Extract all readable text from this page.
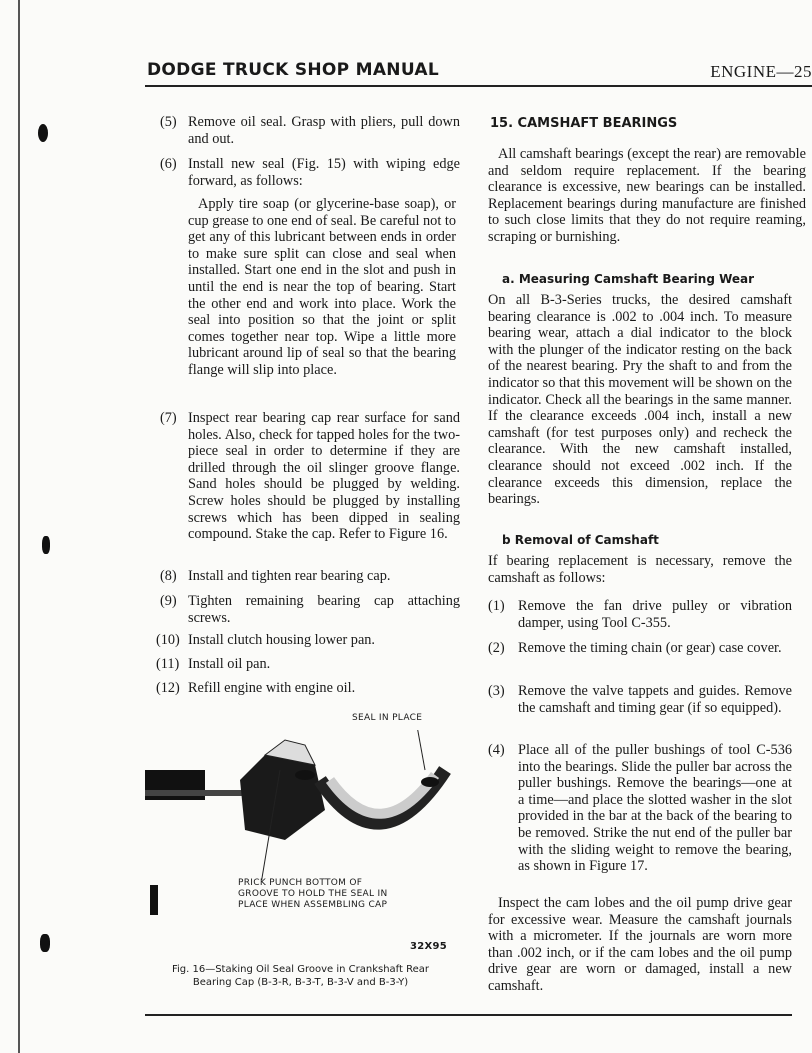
DODGE TRUCK SHOP MANUAL	ENGINE—25
(5) Remove oil seal. Grasp with pliers, pull down and out.
(6) Install new seal (Fig. 15) with wiping edge forward, as follows:
Apply tire soap (or glycerine-base soap), or cup grease to one end of seal. Be careful not to get any of this lubricant between ends in order to make sure split can close and seal when installed. Start one end in the slot and push in until the end is near the top of bearing. Start the other end and work into place. Work the seal into position so that the joint or split comes together near top. Wipe a little more lubricant around lip of seal so that the bearing flange will slip into place.
(7) Inspect rear bearing cap rear surface for sand holes. Also, check for tapped holes for the two-piece seal in order to determine if they are drilled through the oil slinger groove flange. Sand holes should be plugged by welding. Screw holes should be plugged by installing screws which has been dipped in sealing compound. Stake the cap. Refer to Figure 16.
(8) Install and tighten rear bearing cap.
(9) Tighten remaining bearing cap attaching screws.
(10) Install clutch housing lower pan.
(11) Install oil pan.
(12) Refill engine with engine oil.
SEAL IN PLACE
PRICK PUNCH BOTTOM OF GROOVE TO HOLD THE SEAL IN PLACE WHEN ASSEMBLING CAP
32X95
Fig. 16—Staking Oil Seal Groove in Crankshaft Rear
Bearing Cap (B-3-R, B-3-T, B-3-V and B-3-Y)
15. CAMSHAFT BEARINGS
All camshaft bearings (except the rear) are removable and seldom require replacement. If the bearing clearance is excessive, new bearings can be installed. Replacement bearings during manufacture are finished to such close limits that they do not require reaming, scraping or burnishing.
a. Measuring Camshaft Bearing Wear
On all B-3-Series trucks, the desired camshaft bearing clearance is .002 to .004 inch. To measure bearing wear, attach a dial indicator to the block with the plunger of the indicator resting on the back of the nearest bearing. Pry the shaft to and from the indicator so that this movement will be shown on the indicator. Check all the bearings in the same manner. If the clearance exceeds .004 inch, install a new camshaft (for test purposes only) and recheck the clearance. With the new camshaft installed, clearance should not exceed .002 inch. If the clearance exceeds this dimension, replace the bearings.
b Removal of Camshaft
If bearing replacement is necessary, remove the camshaft as follows:
(1) Remove the fan drive pulley or vibration damper, using Tool C-355.
(2) Remove the timing chain (or gear) case cover.
(3) Remove the valve tappets and guides. Remove the camshaft and timing gear (if so equipped).
(4) Place all of the puller bushings of tool C-536 into the bearings. Slide the puller bar across the puller bushings. Remove the bearings—one at a time—and place the slotted washer in the slot provided in the bar at the back of the bearing to be removed. Strike the nut end of the puller bar with the sliding weight to remove the bearing, as shown in Figure 17.
Inspect the cam lobes and the oil pump drive gear for excessive wear. Measure the camshaft journals with a micrometer. If the journals are worn more than .002 inch, or if the cam lobes and the oil pump drive gear are worn or damaged, install a new camshaft.
